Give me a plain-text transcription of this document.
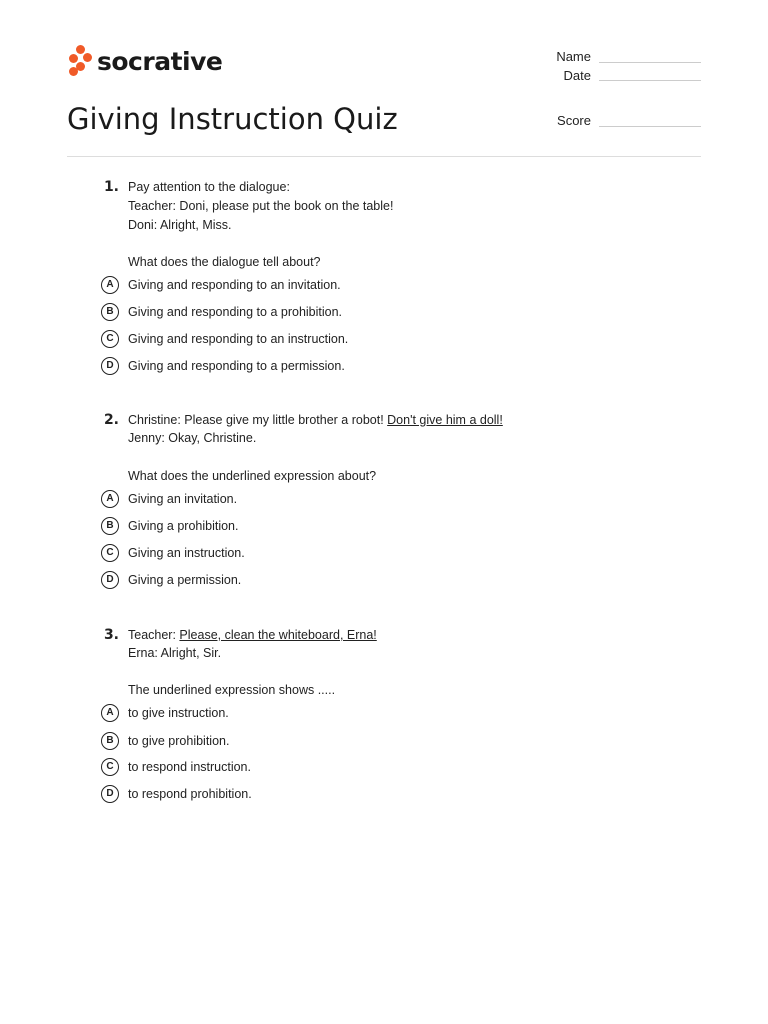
socrative
Giving Instruction Quiz
Name
Date
Score
1. Pay attention to the dialogue:
Teacher: Doni, please put the book on the table!
Doni: Alright, Miss.
What does the dialogue tell about?
A	Giving and responding to an invitation.
B	Giving and responding to a prohibition.
C	Giving and responding to an instruction.
D	Giving and responding to a permission.
2. Christine: Please give my little brother a robot! Don't give him a doll!
Jenny: Okay, Christine.
What does the underlined expression about?
A	Giving an invitation.
B	Giving a prohibition.
C	Giving an instruction.
D	Giving a permission.
3. Teacher: Please, clean the whiteboard, Erna!
Erna: Alright, Sir.
The underlined expression shows .....
A	to give instruction.
B	to give prohibition.
C	to respond instruction.
D	to respond prohibition.
